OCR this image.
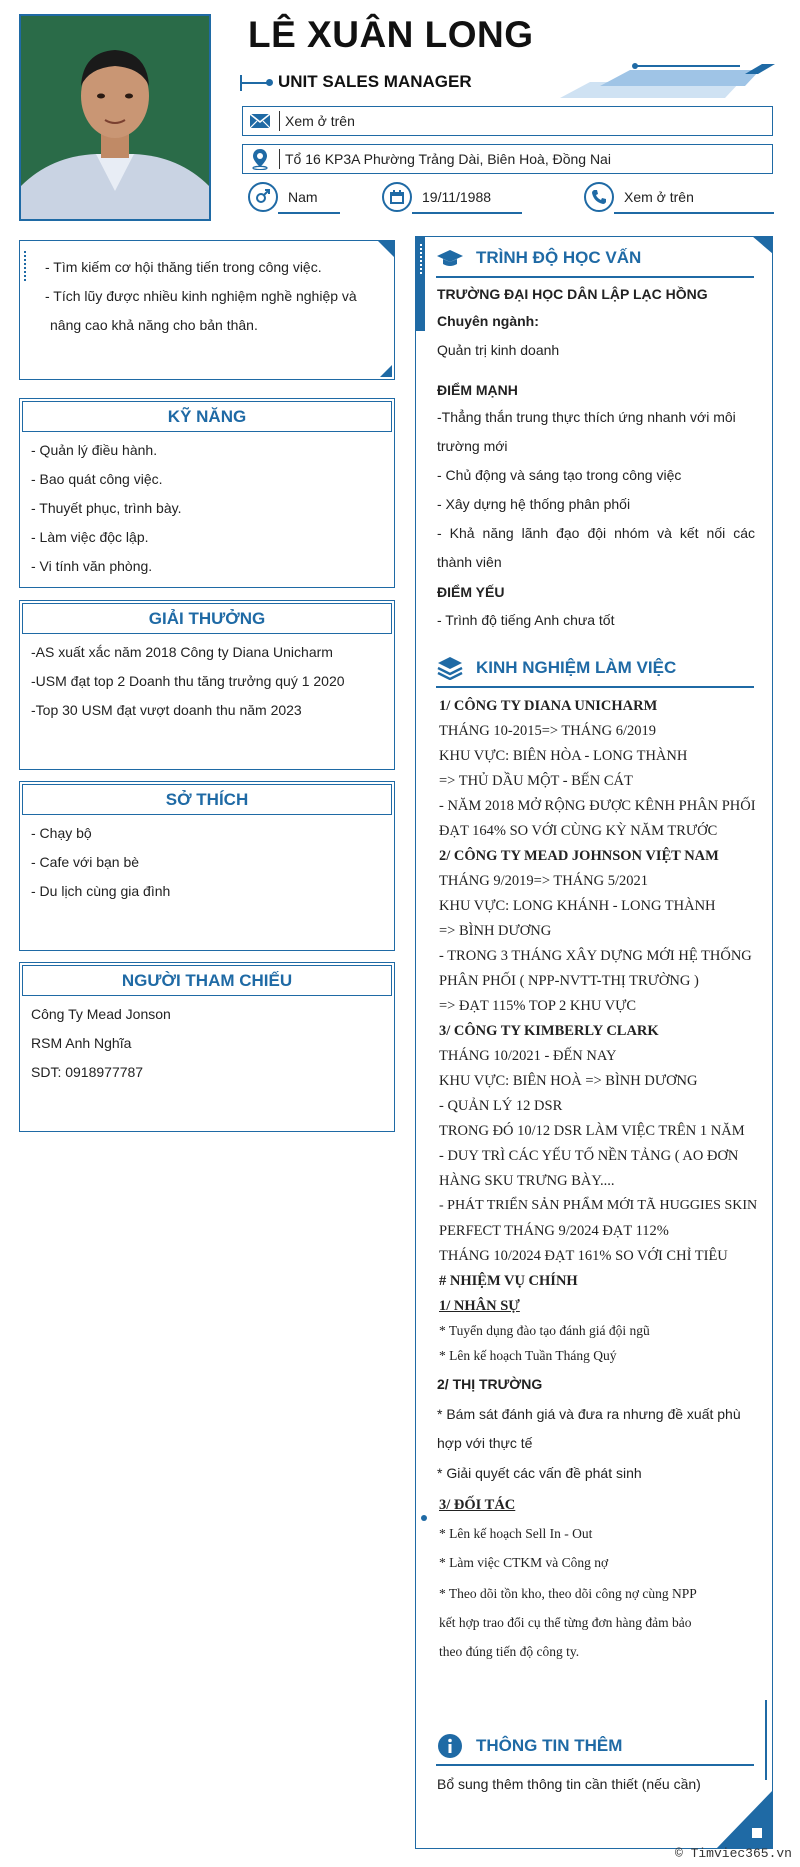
LÊ XUÂN LONG
UNIT SALES MANAGER
Xem ở trên
Tổ 16 KP3A Phường Trảng Dài, Biên Hoà, Đồng Nai
Nam	19/11/1988	Xem ở trên
- Tìm kiếm cơ hội thăng tiến trong công việc.
- Tích lũy được nhiều kinh nghiệm nghề nghiệp và
nâng cao khả năng cho bản thân.
KỸ NĂNG
- Quản lý điều hành.
- Bao quát công việc.
- Thuyết phục, trình bày.
- Làm việc độc lập.
- Vi tính văn phòng.
GIẢI THƯỞNG
-AS xuất xắc năm 2018 Công ty Diana Unicharm
-USM đạt top 2 Doanh thu tăng trưởng quý 1 2020
-Top 30 USM đạt vượt doanh thu năm 2023
SỞ THÍCH
- Chạy bộ
- Cafe với bạn bè
- Du lịch cùng gia đình
NGƯỜI THAM CHIẾU
Công Ty Mead Jonson
RSM Anh Nghĩa
SDT: 0918977787
TRÌNH ĐỘ HỌC VẤN
TRƯỜNG ĐẠI HỌC DÂN LẬP LẠC HỒNG
Chuyên ngành:
Quản trị kinh doanh
ĐIỂM MẠNH
-Thẳng thắn trung thực thích ứng nhanh với môi
trường mới
- Chủ động và sáng tạo trong công việc
- Xây dựng hệ thống phân phối
- Khả năng lãnh đạo đội nhóm và kết nối các
thành viên
ĐIỂM YẾU
- Trình độ tiếng Anh chưa tốt
KINH NGHIỆM LÀM VIỆC
1/ CÔNG TY DIANA UNICHARM
THÁNG 10-2015=> THÁNG 6/2019
KHU VỰC: BIÊN HÒA - LONG THÀNH
=> THỦ DẦU MỘT - BẾN CÁT
- NĂM 2018 MỞ RỘNG ĐƯỢC KÊNH PHÂN PHỐI
ĐẠT 164% SO VỚI CÙNG KỲ NĂM TRƯỚC
2/ CÔNG TY MEAD JOHNSON VIỆT NAM
THÁNG 9/2019=> THÁNG 5/2021
KHU VỰC: LONG KHÁNH - LONG THÀNH
=> BÌNH DƯƠNG
- TRONG 3 THÁNG XÂY DỰNG MỚI HỆ THỐNG
PHÂN PHỐI ( NPP-NVTT-THỊ TRƯỜNG )
=> ĐẠT 115% TOP 2 KHU VỰC
3/ CÔNG TY KIMBERLY CLARK
THÁNG 10/2021 - ĐẾN NAY
KHU VỰC: BIÊN HOÀ => BÌNH DƯƠNG
- QUẢN LÝ 12 DSR
TRONG ĐÓ 10/12 DSR LÀM VIỆC TRÊN 1 NĂM
- DUY TRÌ CÁC YẾU TỐ NỀN TẢNG ( AO ĐƠN
HÀNG SKU TRƯNG BÀY....
- PHÁT TRIỂN SẢN PHẨM MỚI TÃ HUGGIES SKIN
PERFECT THÁNG 9/2024 ĐẠT 112%
THÁNG 10/2024 ĐẠT 161% SO VỚI CHỈ TIÊU
# NHIỆM VỤ CHÍNH
1/ NHÂN SỰ
* Tuyển dụng đào tạo đánh giá đội ngũ
* Lên kế hoạch Tuần Tháng Quý
2/ THỊ TRƯỜNG
* Bám sát đánh giá và đưa ra nhưng đề xuất phù
hợp với thực tế
* Giải quyết các vấn đề phát sinh
3/ ĐỐI TÁC
* Lên kế hoạch Sell In - Out
* Làm việc CTKM và Công nợ
* Theo dõi tồn kho, theo dõi công nợ cùng NPP
kết hợp trao đổi cụ thể từng đơn hàng đảm bảo
theo đúng tiến độ công ty.
THÔNG TIN THÊM
Bổ sung thêm thông tin cần thiết (nếu cần)
© Timviec365.vn
